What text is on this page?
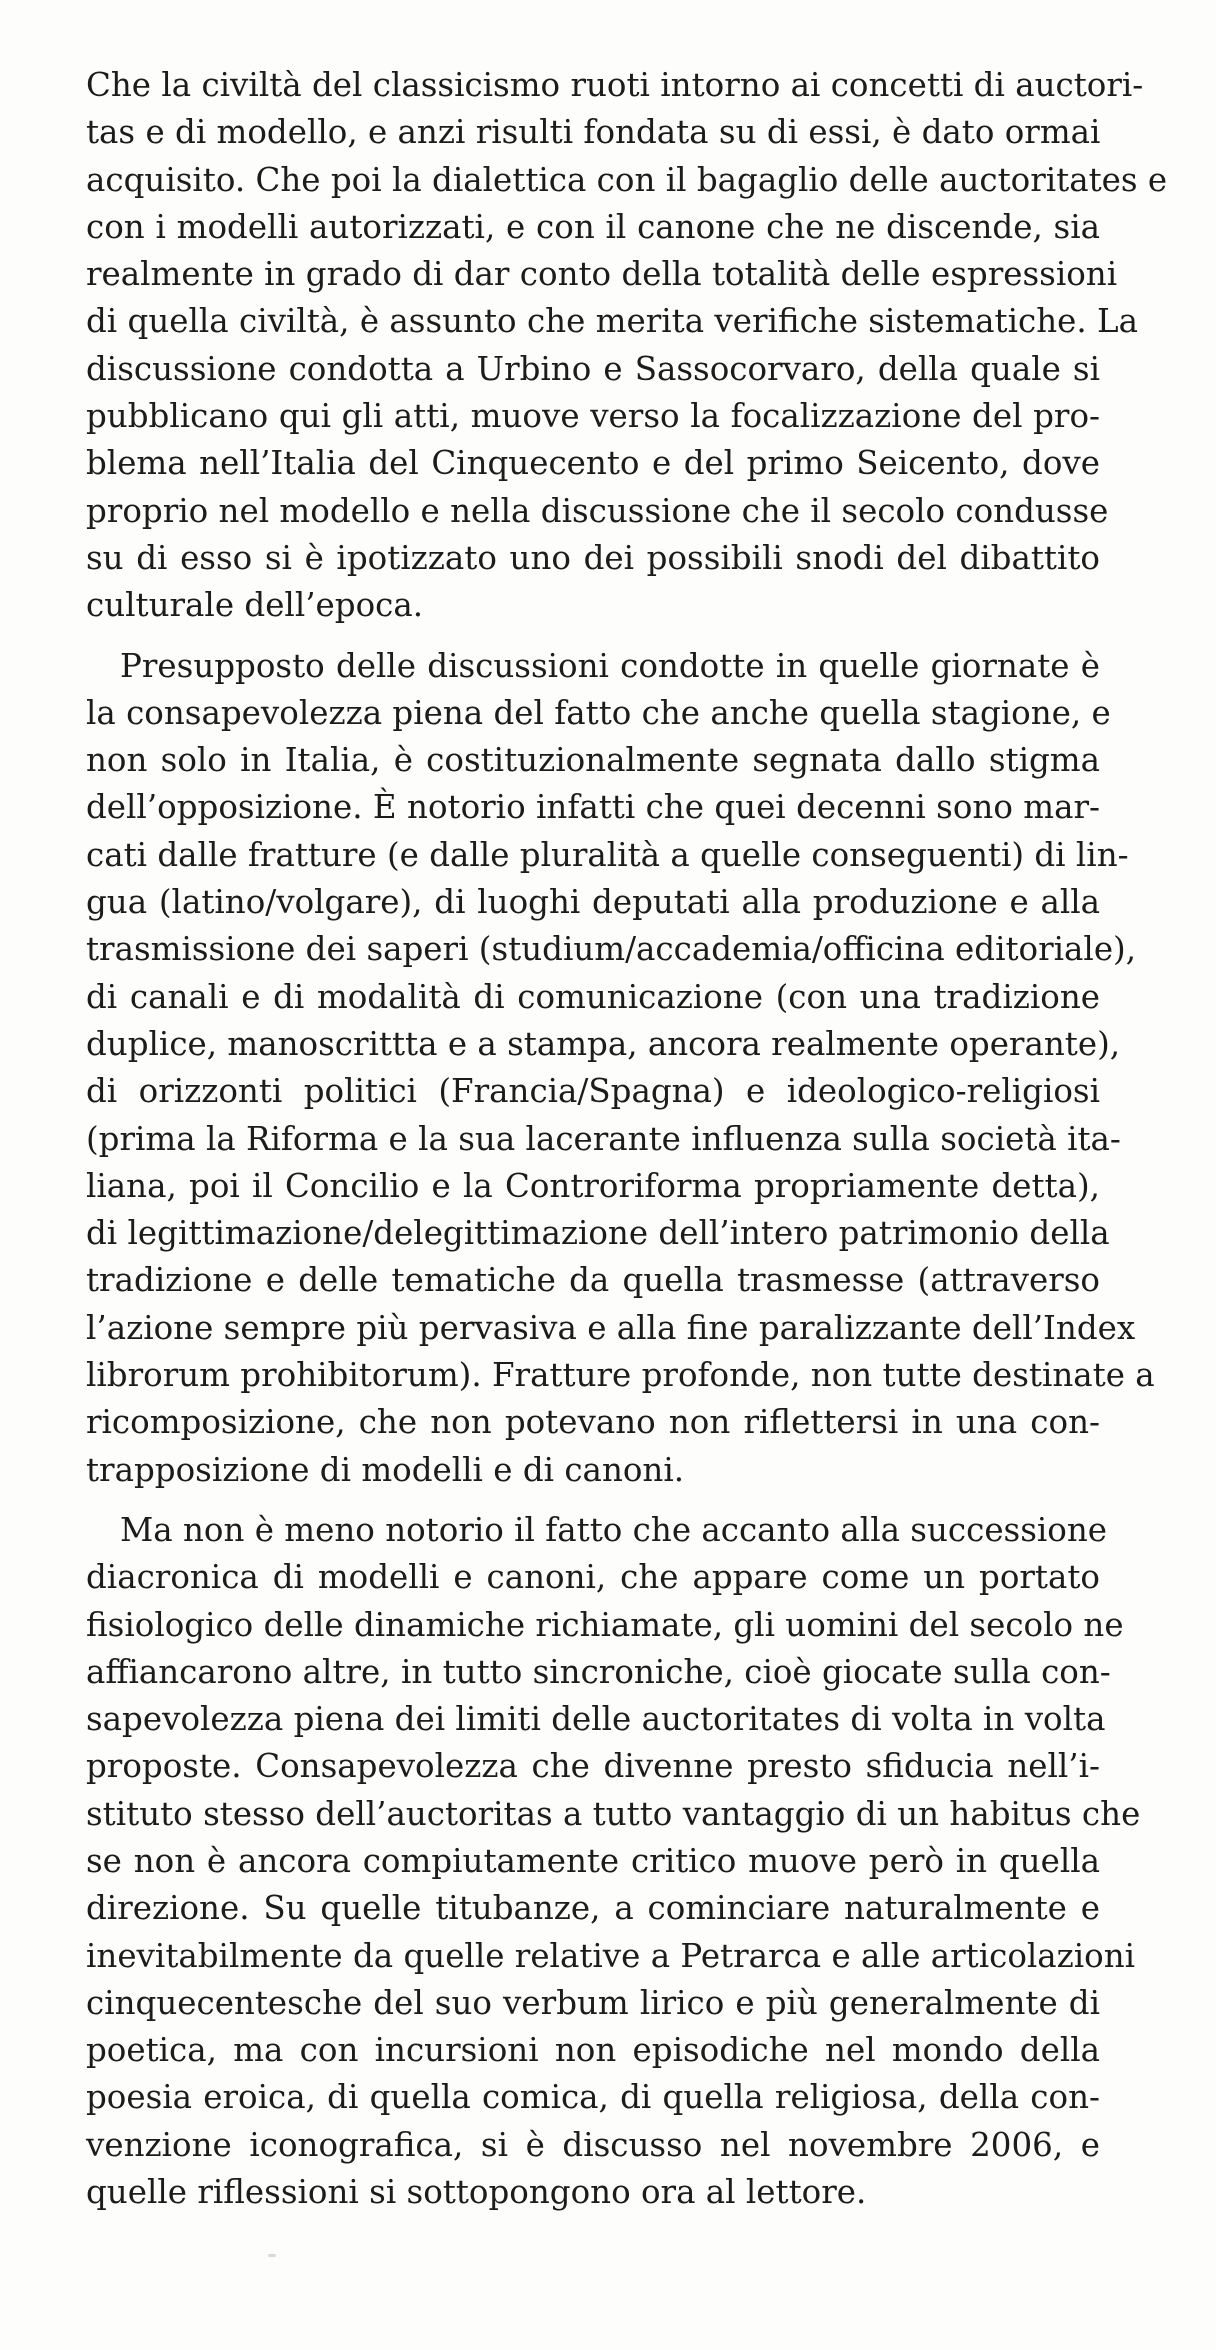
Che la civiltà del classicismo ruoti intorno ai concetti di auctori-
tas e di modello, e anzi risulti fondata su di essi, è dato ormai
acquisito. Che poi la dialettica con il bagaglio delle auctoritates e
con i modelli autorizzati, e con il canone che ne discende, sia
realmente in grado di dar conto della totalità delle espressioni
di quella civiltà, è assunto che merita verifiche sistematiche. La
discussione condotta a Urbino e Sassocorvaro, della quale si
pubblicano qui gli atti, muove verso la focalizzazione del pro-
blema nell’Italia del Cinquecento e del primo Seicento, dove
proprio nel modello e nella discussione che il secolo condusse
su di esso si è ipotizzato uno dei possibili snodi del dibattito
culturale dell’epoca.

Presupposto delle discussioni condotte in quelle giornate è
la consapevolezza piena del fatto che anche quella stagione, e
non solo in Italia, è costituzionalmente segnata dallo stigma
dell’opposizione. È notorio infatti che quei decenni sono mar-
cati dalle fratture (e dalle pluralità a quelle conseguenti) di lin-
gua (latino/volgare), di luoghi deputati alla produzione e alla
trasmissione dei saperi (studium/accademia/officina editoriale),
di canali e di modalità di comunicazione (con una tradizione
duplice, manoscrittta e a stampa, ancora realmente operante),
di orizzonti politici (Francia/Spagna) e ideologico-religiosi
(prima la Riforma e la sua lacerante influenza sulla società ita-
liana, poi il Concilio e la Controriforma propriamente detta),
di legittimazione/delegittimazione dell’intero patrimonio della
tradizione e delle tematiche da quella trasmesse (attraverso
l’azione sempre più pervasiva e alla fine paralizzante dell’Index
librorum prohibitorum). Fratture profonde, non tutte destinate a
ricomposizione, che non potevano non riflettersi in una con-
trapposizione di modelli e di canoni.

Ma non è meno notorio il fatto che accanto alla successione
diacronica di modelli e canoni, che appare come un portato
fisiologico delle dinamiche richiamate, gli uomini del secolo ne
affiancarono altre, in tutto sincroniche, cioè giocate sulla con-
sapevolezza piena dei limiti delle auctoritates di volta in volta
proposte. Consapevolezza che divenne presto sfiducia nell’i-
stituto stesso dell’auctoritas a tutto vantaggio di un habitus che
se non è ancora compiutamente critico muove però in quella
direzione. Su quelle titubanze, a cominciare naturalmente e
inevitabilmente da quelle relative a Petrarca e alle articolazioni
cinquecentesche del suo verbum lirico e più generalmente di
poetica, ma con incursioni non episodiche nel mondo della
poesia eroica, di quella comica, di quella religiosa, della con-
venzione iconografica, si è discusso nel novembre 2006, e
quelle riflessioni si sottopongono ora al lettore.
